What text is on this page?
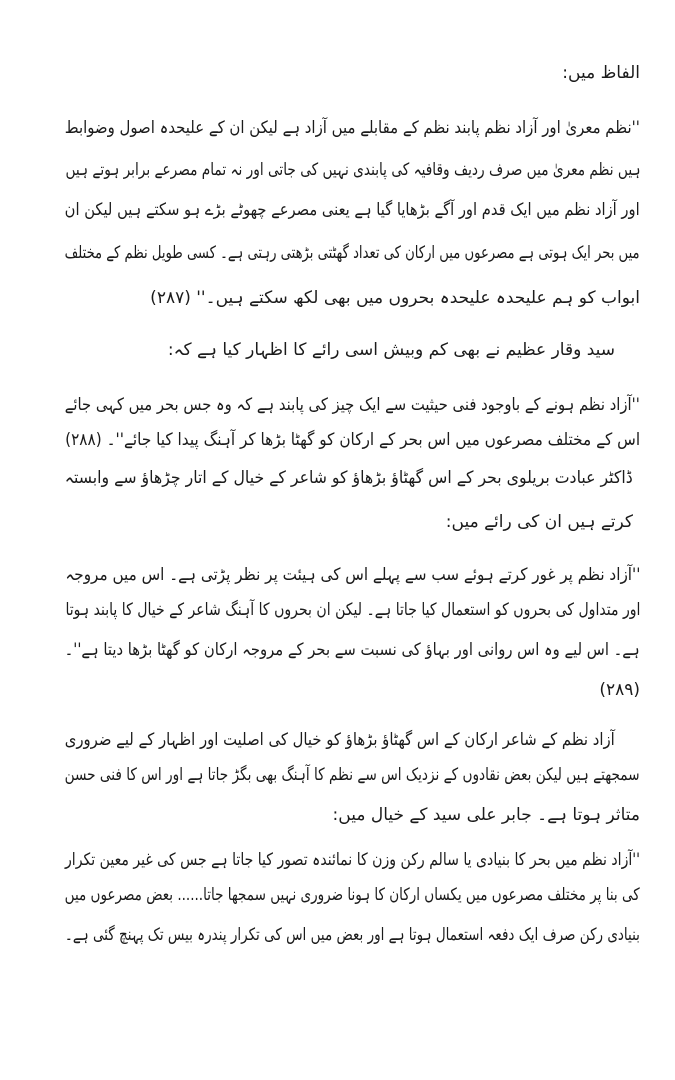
الفاظ میں:
''نظم معریٰ اور آزاد نظم پابند نظم کے مقابلے میں آزاد ہے لیکن ان کے علیحدہ اصول وضوابط
ہیں نظم معریٰ میں صرف ردیف وقافیہ کی پابندی نہیں کی جاتی اور نہ تمام مصرعے برابر ہوتے ہیں
اور آزاد نظم میں ایک قدم اور آگے بڑھایا گیا ہے یعنی مصرعے چھوٹے بڑے ہو سکتے ہیں لیکن ان
میں بحر ایک ہوتی ہے مصرعوں میں ارکان کی تعداد گھٹتی بڑھتی رہتی ہے۔ کسی طویل نظم کے مختلف
ابواب کو ہم علیحدہ علیحدہ بحروں میں بھی لکھ سکتے ہیں۔'' (۲۸۷)
سید وقار عظیم نے بھی کم وبیش اسی رائے کا اظہار کیا ہے کہ:
''آزاد نظم ہونے کے باوجود فنی حیثیت سے ایک چیز کی پابند ہے کہ وہ جس بحر میں کہی جائے
اس کے مختلف مصرعوں میں اس بحر کے ارکان کو گھٹا بڑھا کر آہنگ پیدا کیا جائے''۔ (۲۸۸)
ڈاکٹر عبادت بریلوی بحر کے اس گھٹاؤ بڑھاؤ کو شاعر کے خیال کے اتار چڑھاؤ سے وابستہ
کرتے ہیں ان کی رائے میں:
''آزاد نظم پر غور کرتے ہوئے سب سے پہلے اس کی ہیئت پر نظر پڑتی ہے۔ اس میں مروجہ
اور متداول کی بحروں کو استعمال کیا جاتا ہے۔ لیکن ان بحروں کا آہنگ شاعر کے خیال کا پابند ہوتا
ہے۔ اس لیے وہ اس روانی اور بہاؤ کی نسبت سے بحر کے مروجہ ارکان کو گھٹا بڑھا دیتا ہے''۔
(۲۸۹)
آزاد نظم کے شاعر ارکان کے اس گھٹاؤ بڑھاؤ کو خیال کی اصلیت اور اظہار کے لیے ضروری
سمجھتے ہیں لیکن بعض نقادوں کے نزدیک اس سے نظم کا آہنگ بھی بگڑ جاتا ہے اور اس کا فنی حسن
متاثر ہوتا ہے۔ جابر علی سید کے خیال میں:
''آزاد نظم میں بحر کا بنیادی یا سالم رکن وزن کا نمائندہ تصور کیا جاتا ہے جس کی غیر معین تکرار
کی بنا پر مختلف مصرعوں میں یکساں ارکان کا ہونا ضروری نہیں سمجھا جاتا...... بعض مصرعوں میں
بنیادی رکن صرف ایک دفعہ استعمال ہوتا ہے اور بعض میں اس کی تکرار پندرہ بیس تک پہنچ گئی ہے۔
